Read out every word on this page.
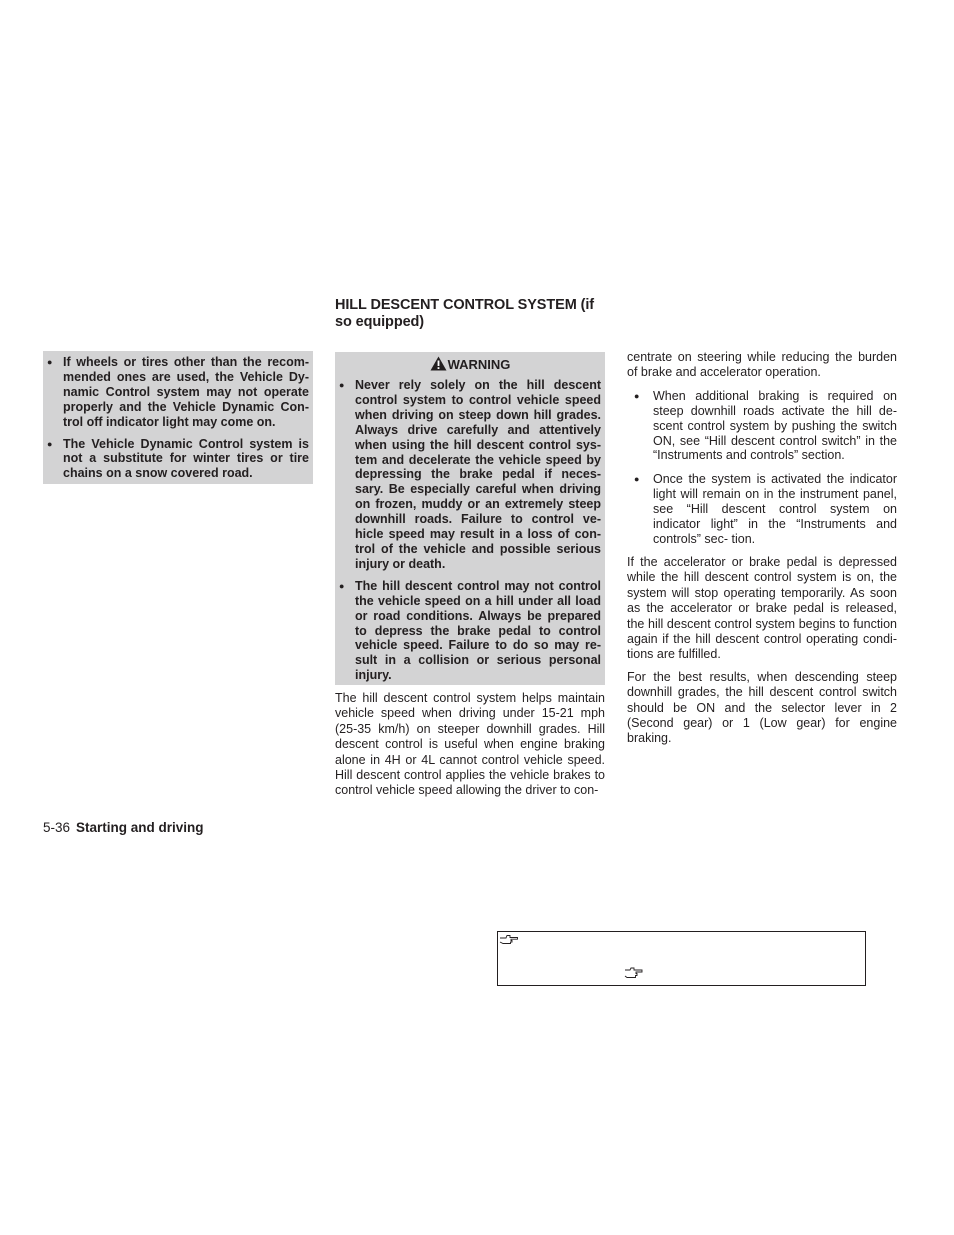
HILL DESCENT CONTROL SYSTEM (if
so equipped)
● If wheels or tires other than the recom- mended ones are used, the Vehicle Dy- namic Control system may not operate properly and the Vehicle Dynamic Con- trol off indicator light may come on.
● The Vehicle Dynamic Control system is not a substitute for winter tires or tire chains on a snow covered road.
WARNING
● Never rely solely on the hill descent control system to control vehicle speed when driving on steep down hill grades. Always drive carefully and attentively when using the hill descent control sys- tem and decelerate the vehicle speed by depressing the brake pedal if neces- sary. Be especially careful when driving on frozen, muddy or an extremely steep downhill roads. Failure to control ve- hicle speed may result in a loss of con- trol of the vehicle and possible serious injury or death.
● The hill descent control may not control the vehicle speed on a hill under all load or road conditions. Always be prepared to depress the brake pedal to control vehicle speed. Failure to do so may re- sult in a collision or serious personal injury.

The hill descent control system helps maintain vehicle speed when driving under 15-21 mph (25-35 km/h) on steeper downhill grades. Hill descent control is useful when engine braking alone in 4H or 4L cannot control vehicle speed. Hill descent control applies the vehicle brakes to control vehicle speed allowing the driver to con-

centrate on steering while reducing the burden of brake and accelerator operation.

● When additional braking is required on steep downhill roads activate the hill de- scent control system by pushing the switch ON, see “Hill descent control switch” in the “Instruments and controls” section.
● Once the system is activated the indicator light will remain on in the instrument panel, see “Hill descent control system on indicator light” in the “Instruments and controls” sec- tion.

If the accelerator or brake pedal is depressed while the hill descent control system is on, the system will stop operating temporarily. As soon as the accelerator or brake pedal is released, the hill descent control system begins to function again if the hill descent control operating condi- tions are fulfilled.

For the best results, when descending steep downhill grades, the hill descent control switch should be ON and the selector lever in 2 (Second gear) or 1 (Low gear) for engine braking.

5-36 Starting and driving
